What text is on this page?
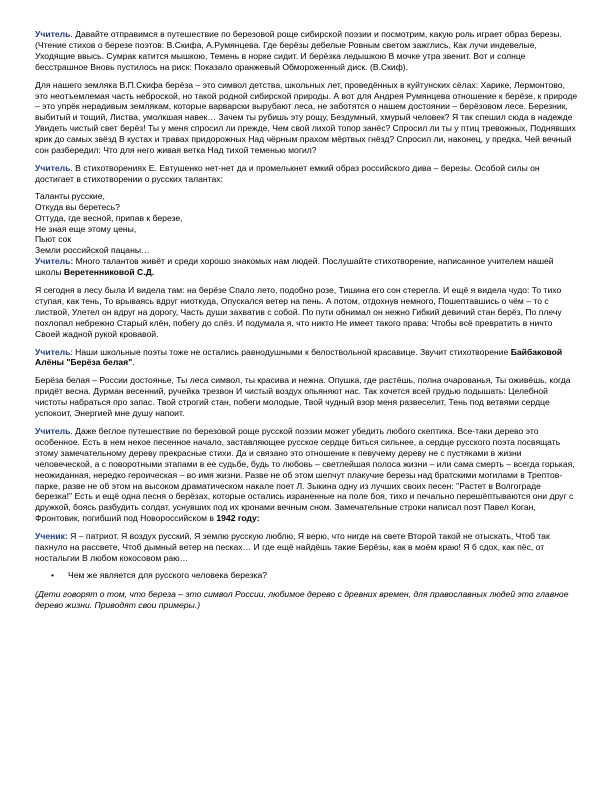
Учитель. Давайте отправимся в путешествие по березовой роще сибирской поэзии и посмотрим, какую роль играет образ березы. (Чтение стихов о березе поэтов: В.Скифа, А.Румянцева. Где берёзы дебелые Ровным светом зажглись, Как лучи индевелые, Уходящие ввысь. Сумрак катится мышкою, Темень в норке сидит. И берёзка ледышкою В мочке утра звенит. Вот и солнце бесстрашное Вновь пустилось на риск: Показало оранжевый Обмороженный диск. (В.Скиф).

Для нашего земляка В.П.Скифа берёза – это символ детства, школьных лет, проведённых в куйтунских сёлах: Харике, Лермонтово, это неотъемлемая часть неброской, но такой родной сибирской природы. А вот для Андрея Румянцева отношение к берёзе, к природе – это упрёк нерадивым землякам, которые варварски вырубают леса, не заботятся о нашем достоянии – берёзовом лесе. Березник, выбитый и тощий, Листва, умолкшая навек… Зачем ты рубишь эту рощу, Бездумный, хмурый человек? Я так спешил сюда в надежде Увидеть чистый свет берёз! Ты у меня спросил ли прежде, Чем свой лихой топор занёс? Спросил ли ты у птиц тревожных, Поднявших крик до самых звёзд В кустах и травах придорожных Над чёрным прахом мёртвых гнёзд? Спросил ли, наконец, у предка, Чей вечный сон разбередил: Что для него живая ветка Над тихой теменью могил?

Учитель. В стихотворениях Е. Евтушенко нет-нет да и промелькнет емкий образ российского дива – березы. Особой силы он достигает в стихотворении о русских талантах:

Таланты русские,
Откуда вы беретесь?
Оттуда, где весной, припав к березе,
Не зная еще этому цены,
Пьют сок
Земли российской пацаны…

Учитель: Много талантов живёт и среди хорошо знакомых нам людей. Послушайте стихотворение, написанное учителем нашей школы Веретенниковой С.Д.

Я сегодня в лесу была И видела там: на берёзе Спало лето, подобно розе, Тишина его сон стерегла. И ещё я видела чудо: То тихо ступая, как тень, То врываясь вдруг ниоткуда, Опускался ветер на пень. А потом, отдохнув немного, Пошептавшись о чём – то с листвой, Улетел он вдруг на дорогу, Часть души захватив с собой. По пути обнимал он нежно Гибкий девичий стан берёз, По плечу похлопал небрежно Старый клён, побегу до слёз. И подумала я, что никто Не имеет такого права: Чтобы всё превратить в ничто Своей жадной рукой кровавой.

Учитель: Наши школьные поэты тоже не остались равнодушными к белоствольной красавице. Звучит стихотворение Байбаковой Алёны "Берёза белая".

Берёза белая – России достоянье, Ты леса символ, ты красива и нежна. Опушка, где растёшь, полна очарованья, Ты оживёшь, когда придёт весна. Дурман весенний, ручейка трезвон И чистый воздух опьяняют нас. Так хочется всей грудью подышать: Целебной чистоты набраться про запас. Твой строгий стан, побеги молодые, Твой чудный взор меня развеселит, Тень под ветвями сердце успокоит, Энергией мне душу напоит.

Учитель. Даже беглое путешествие по березовой роще русской поэзии может убедить любого скептика. Все-таки дерево это особенное. Есть в нем некое песенное начало, заставляющее русское сердце биться сильнее, а сердце русского поэта посвящать этому замечательному дереву прекрасные стихи. Да и связано это отношение к певучему дереву не с пустяками в жизни человеческой, а с поворотными этапами в ее судьбе, будь то любовь – светлейшая полоса жизни – или сама смерть – всегда горькая, неожиданная, нередко героическая – во имя жизни. Разве не об этом шепчут плакучие березы над братскими могилами в Трептов-парке, разве не об этом на высоком драматическом накале поет Л. Зыкина одну из лучших своих песен: "Растет в Волгограде березка!" Есть и ещё одна песня о берёзах, которые остались израненные на поле боя, тихо и печально перешёптываются они друг с дружкой, боясь разбудить солдат, уснувших под их кронами вечным сном. Замечательные строки написал поэт Павел Коган, Фронтовик, погибший под Новороссийском в 1942 году:

Ученик: Я – патриот. Я воздух русский, Я землю русскую люблю, Я верю, что нигде на свете Второй такой не отыскать, Чтоб так пахнуло на рассвете, Чтоб дымный ветер на песках… И где ещё найдёшь такие Берёзы, как в моём краю! Я б сдох, как пёс, от ностальгии В любом кокосовом раю…

• Чем же является для русского человека березка?

(Дети говорят о том, что береза – это символ России, любимое дерево с древних времен, для православных людей это главное дерево жизни. Приводят свои примеры.)
